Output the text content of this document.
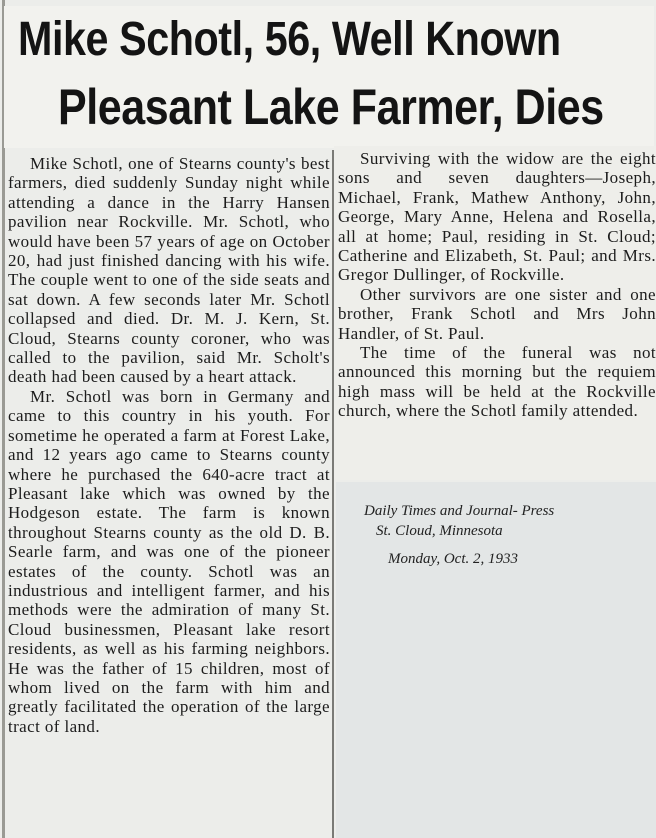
Mike Schotl, 56, Well Known
Pleasant Lake Farmer, Dies

Mike Schotl, one of Stearns county's best farmers, died suddenly Sunday night while attending a dance in the Harry Hansen pavilion near Rockville. Mr. Schotl, who would have been 57 years of age on October 20, had just finished dancing with his wife. The couple went to one of the side seats and sat down. A few seconds later Mr. Schotl collapsed and died. Dr. M. J. Kern, St. Cloud, Stearns county coroner, who was called to the pavilion, said Mr. Scholt's death had been caused by a heart attack.

Mr. Schotl was born in Germany and came to this country in his youth. For sometime he operated a farm at Forest Lake, and 12 years ago came to Stearns county where he purchased the 640-acre tract at Pleasant lake which was owned by the Hodgeson estate. The farm is known throughout Stearns county as the old D. B. Searle farm, and was one of the pioneer estates of the county. Schotl was an industrious and intelligent farmer, and his methods were the admiration of many St. Cloud businessmen, Pleasant lake resort residents, as well as his farming neighbors. He was the father of 15 children, most of whom lived on the farm with him and greatly facilitated the operation of the large tract of land.

Surviving with the widow are the eight sons and seven daughters—Joseph, Michael, Frank, Mathew Anthony, John, George, Mary Anne, Helena and Rosella, all at home; Paul, residing in St. Cloud; Catherine and Elizabeth, St. Paul; and Mrs. Gregor Dullinger, of Rockville.

Other survivors are one sister and one brother, Frank Schotl and Mrs John Handler, of St. Paul.

The time of the funeral was not announced this morning but the requiem high mass will be held at the Rockville church, where the Schotl family attended.

Daily Times and Journal- Press
St. Cloud, Minnesota
Monday, Oct. 2, 1933
